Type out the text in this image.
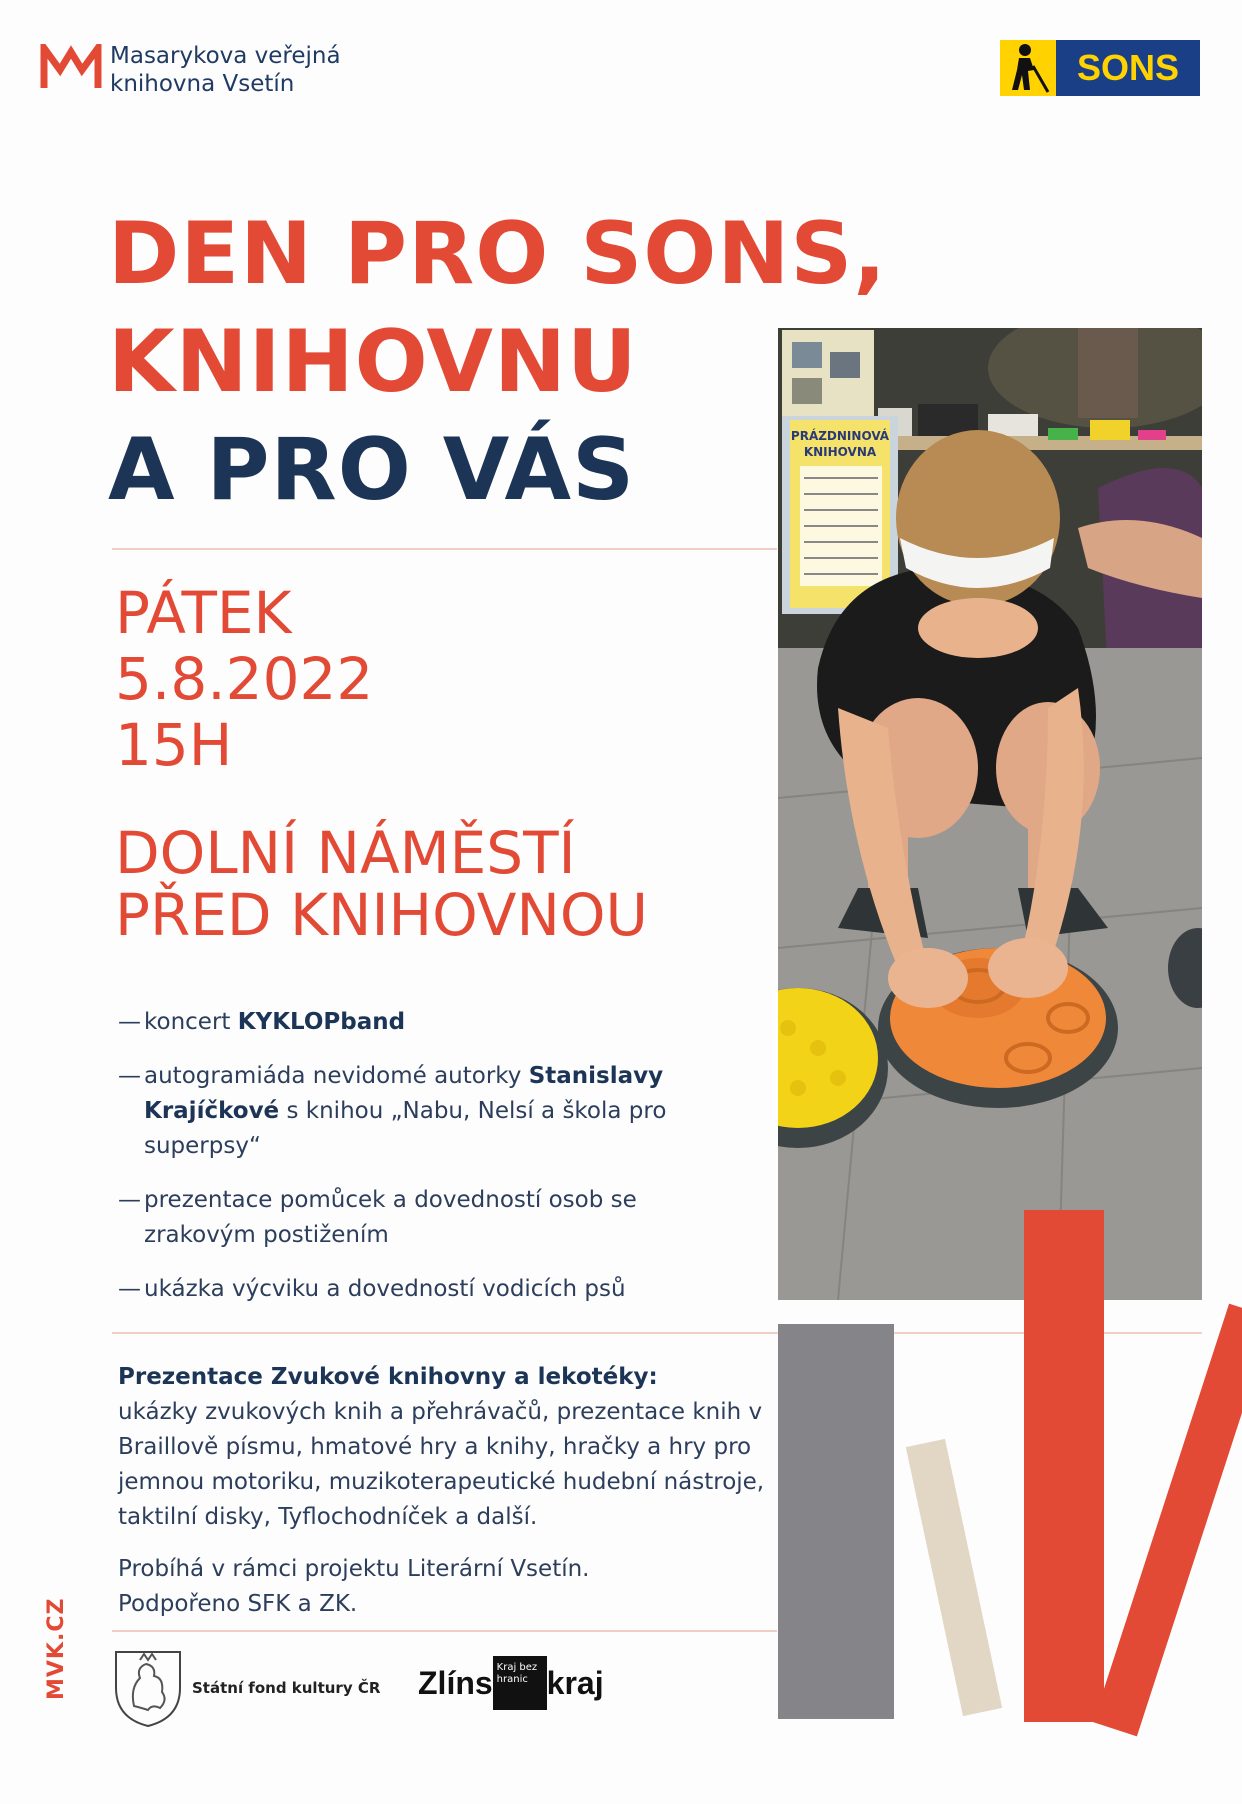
Masarykova veřejná
knihovna Vsetín	SONS
DEN PRO SONS,
KNIHOVNU
A PRO VÁS
PÁTEK
5.8.2022
15H
DOLNÍ NÁMĚSTÍ
PŘED KNIHOVNOU
— koncert KYKLOPband
— autogramiáda nevidomé autorky Stanislavy Krajíčkové s knihou „Nabu, Nelsí a škola pro superpsy“
— prezentace pomůcek a dovedností osob se zrakovým postižením
— ukázka výcviku a dovedností vodicích psů
Prezentace Zvukové knihovny a lekotéky:
ukázky zvukových knih a přehrávačů, prezentace knih v Braillově písmu, hmatové hry a knihy, hračky a hry pro jemnou motoriku, muzikoterapeutické hudební nástroje, taktilní disky, Tyflochodníček a další.
Probíhá v rámci projektu Literární Vsetín.
Podpořeno SFK a ZK.
MVK.CZ	Státní fond kultury ČR Zlíns Kraj bez hranic kraj
PRÁZDNINOVÁ
KNIHOVNA
